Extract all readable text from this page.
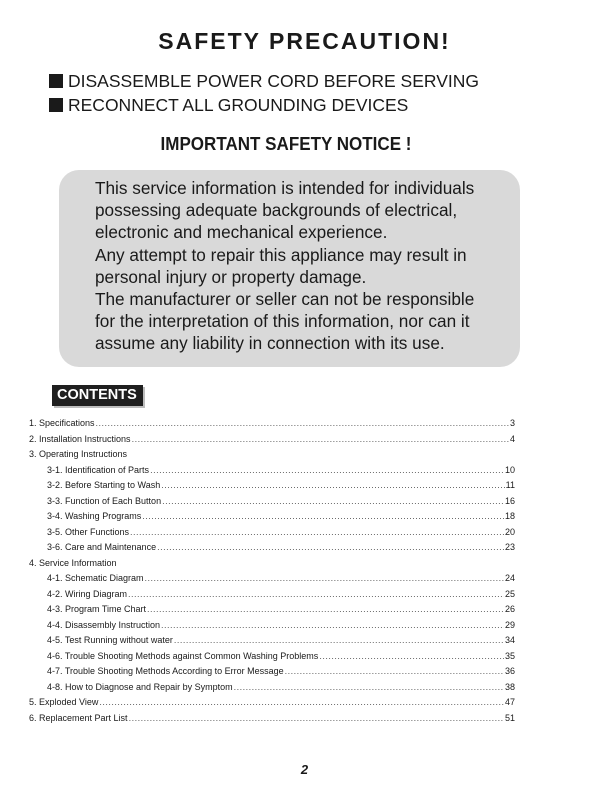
SAFETY PRECAUTION!
DISASSEMBLE POWER CORD BEFORE SERVING
RECONNECT ALL GROUNDING DEVICES
IMPORTANT SAFETY NOTICE !
This service information is intended for individuals
possessing adequate backgrounds of electrical,
electronic and mechanical experience.
Any attempt to repair this appliance may result in
personal injury or property damage.
The manufacturer or seller can not be responsible
for the interpretation of this information, nor can it
assume any liability in connection with its use.
CONTENTS
1. Specifications .....	3
2. Installation Instructions .....	4
3. Operating Instructions
3-1. Identification of Parts .....	10
3-2. Before Starting to Wash .....	11
3-3. Function of Each Button .....	16
3-4. Washing Programs .....	18
3-5. Other Functions .....	20
3-6. Care and Maintenance .....	23
4. Service Information
4-1. Schematic Diagram .....	24
4-2. Wiring Diagram .....	25
4-3. Program Time Chart .....	26
4-4. Disassembly Instruction .....	29
4-5. Test Running without water .....	34
4-6. Trouble Shooting Methods against Common Washing Problems .....	35
4-7. Trouble Shooting Methods According to Error Message .....	36
4-8. How to Diagnose and Repair by Symptom .....	38
5. Exploded View .....	47
6. Replacement Part List .....	51
2
